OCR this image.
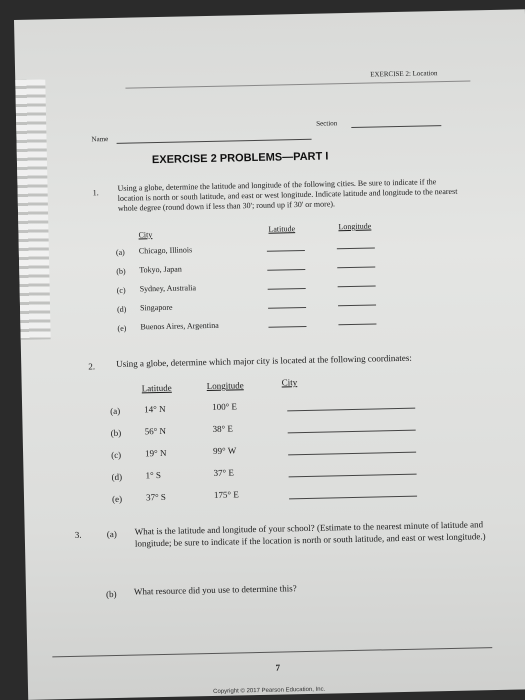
EXERCISE 2: Location
Name
Section
EXERCISE 2 PROBLEMS—PART I
1. Using a globe, determine the latitude and longitude of the following cities. Be sure to indicate if the location is north or south latitude, and east or west longitude. Indicate latitude and longitude to the nearest whole degree (round down if less than 30'; round up if 30' or more).
City
Latitude	Longitude
(a) Chicago, Illinois
(b) Tokyo, Japan
(c) Sydney, Australia
(d) Singapore
(e) Buenos Aires, Argentina
2. Using a globe, determine which major city is located at the following coordinates:
Latitude	Longitude	City
(a)	14° N	100° E
(b)	56° N	38° E
(c)	19° N	99° W
(d)	1° S	37° E
(e)	37° S	175° E
3.	(a) What is the latitude and longitude of your school? (Estimate to the nearest minute of latitude and longitude; be sure to indicate if the location is north or south latitude, and east or west longitude.)
(b) What resource did you use to determine this?
7
Copyright © 2017 Pearson Education, Inc.
